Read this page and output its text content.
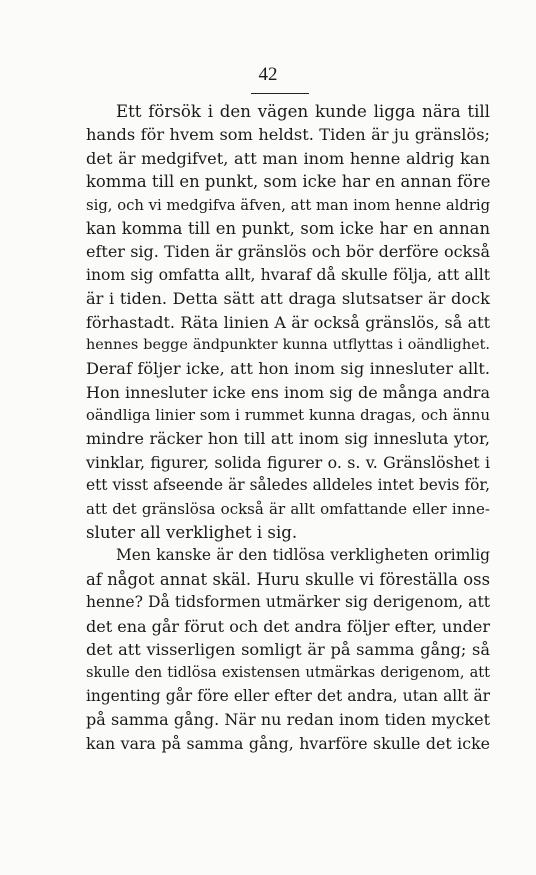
42
Ett försök i den vägen kunde ligga nära till
hands för hvem som heldst. Tiden är ju gränslös;
det är medgifvet, att man inom henne aldrig kan
komma till en punkt, som icke har en annan före
sig, och vi medgifva äfven, att man inom henne aldrig
kan komma till en punkt, som icke har en annan
efter sig. Tiden är gränslös och bör derföre också
inom sig omfatta allt, hvaraf då skulle följa, att allt
är i tiden. Detta sätt att draga slutsatser är dock
förhastadt. Räta linien A är också gränslös, så att
hennes begge ändpunkter kunna utflyttas i oändlighet.
Deraf följer icke, att hon inom sig innesluter allt.
Hon innesluter icke ens inom sig de många andra
oändliga linier som i rummet kunna dragas, och ännu
mindre räcker hon till att inom sig innesluta ytor,
vinklar, figurer, solida figurer o. s. v. Gränslöshet i
ett visst afseende är således alldeles intet bevis för,
att det gränslösa också är allt omfattande eller inne-
sluter all verklighet i sig.
Men kanske är den tidlösa verkligheten orimlig
af något annat skäl. Huru skulle vi föreställa oss
henne? Då tidsformen utmärker sig derigenom, att
det ena går förut och det andra följer efter, under
det att visserligen somligt är på samma gång; så
skulle den tidlösa existensen utmärkas derigenom, att
ingenting går före eller efter det andra, utan allt är
på samma gång. När nu redan inom tiden mycket
kan vara på samma gång, hvarföre skulle det icke
